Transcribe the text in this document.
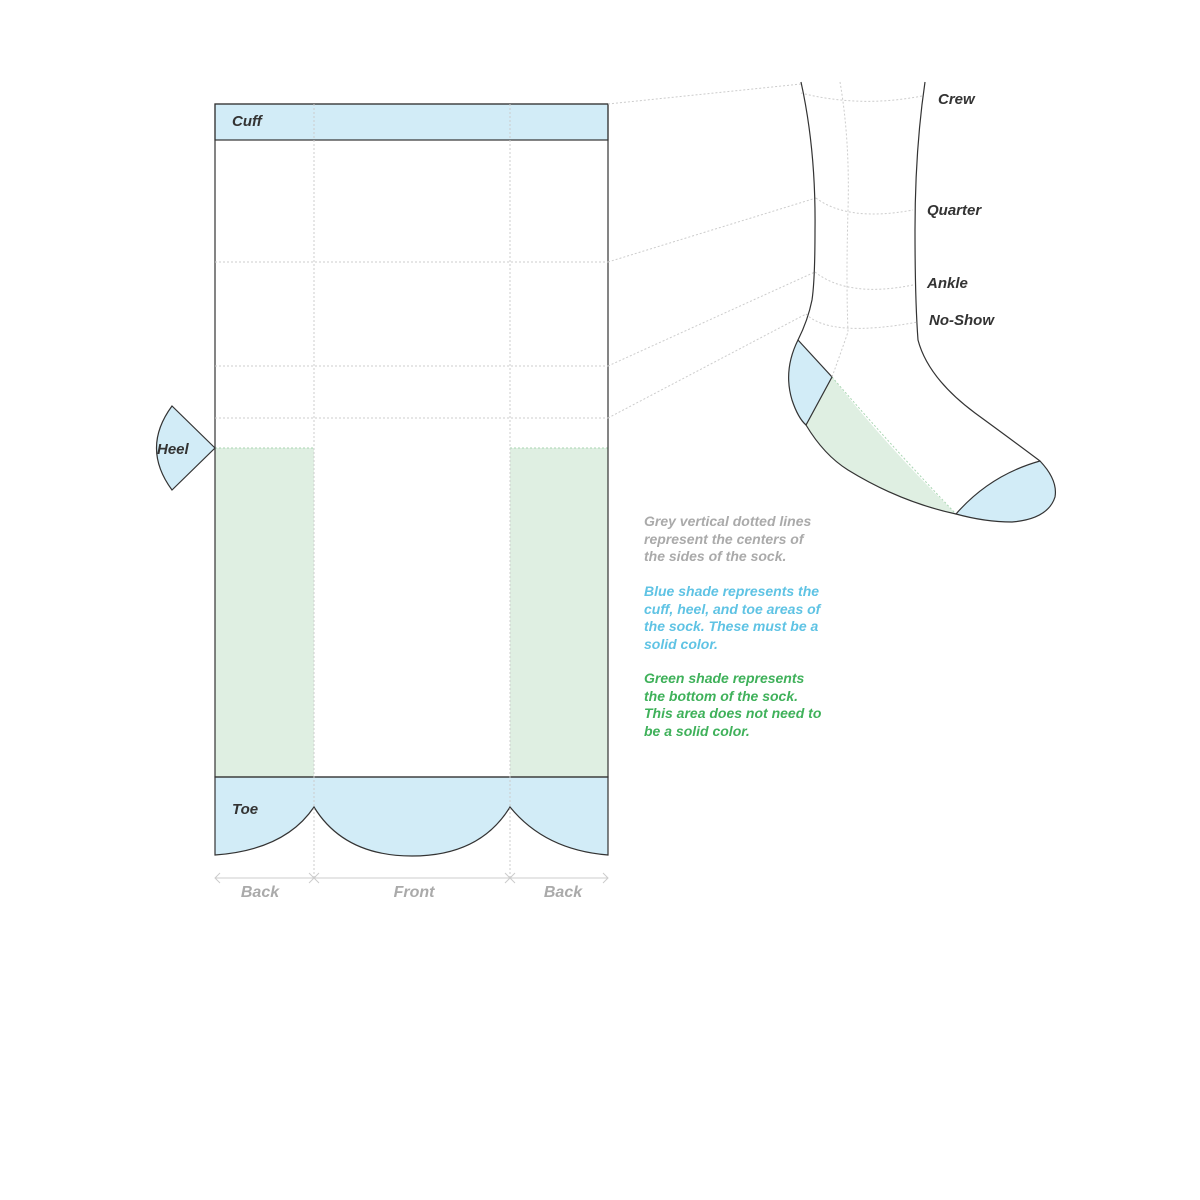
Cuff
Heel
Toe
Back	Front	Back
Crew
Quarter
Ankle
No-Show
Grey vertical dotted lines
represent the centers of
the sides of the sock.
Blue shade represents the
cuff, heel, and toe areas of
the sock. These must be a
solid color.
Green shade represents
the bottom of the sock.
This area does not need to
be a solid color.
